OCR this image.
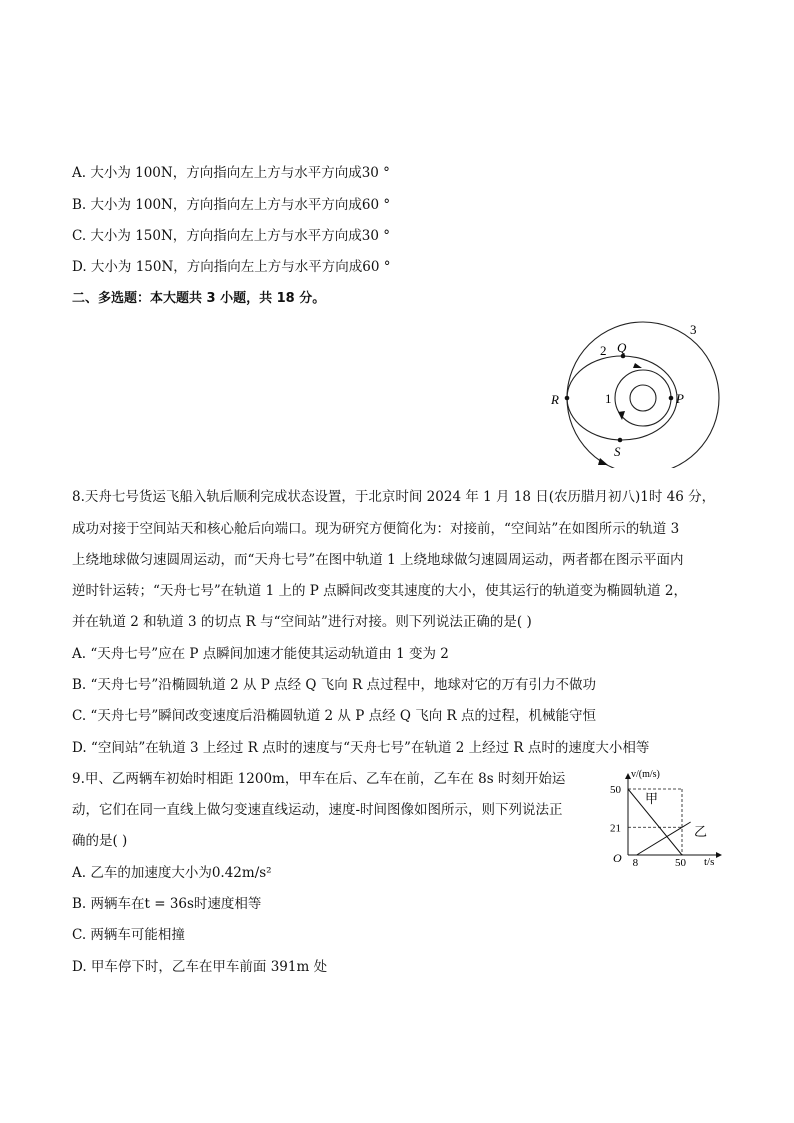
A. 大小为 100N，方向指向左上方与水平方向成30 °
B. 大小为 100N，方向指向左上方与水平方向成60 °
C. 大小为 150N，方向指向左上方与水平方向成30 °
D. 大小为 150N，方向指向左上方与水平方向成60 °
二、多选题：本大题共 3 小题，共 18 分。
3
2
1
Q
R	P
S
8.天舟七号货运飞船入轨后顺利完成状态设置，于北京时间 2024 年 1 月 18 日(农历腊月初八)1时 46 分，
成功对接于空间站天和核心舱后向端口。现为研究方便简化为：对接前，“空间站”在如图所示的轨道 3
上绕地球做匀速圆周运动，而“天舟七号”在图中轨道 1 上绕地球做匀速圆周运动，两者都在图示平面内
逆时针运转；“天舟七号”在轨道 1 上的 P 点瞬间改变其速度的大小，使其运行的轨道变为椭圆轨道 2，
并在轨道 2 和轨道 3 的切点 R 与“空间站”进行对接。则下列说法正确的是( )
A. “天舟七号”应在 P 点瞬间加速才能使其运动轨道由 1 变为 2
B. “天舟七号”沿椭圆轨道 2 从 P 点经 Q 飞向 R 点过程中，地球对它的万有引力不做功
C. “天舟七号”瞬间改变速度后沿椭圆轨道 2 从 P 点经 Q 飞向 R 点的过程，机械能守恒
D. “空间站”在轨道 3 上经过 R 点时的速度与“天舟七号”在轨道 2 上经过 R 点时的速度大小相等
9.甲、乙两辆车初始时相距 1200m，甲车在后、乙车在前，乙车在 8s 时刻开始运
动，它们在同一直线上做匀变速直线运动，速度-时间图像如图所示，则下列说法正
确的是( )
A. 乙车的加速度大小为0.42m/s²
B. 两辆车在t = 36s时速度相等
C. 两辆车可能相撞
D. 甲车停下时，乙车在甲车前面 391m 处
v/(m/s)
t/s
O
50
21
8	50
甲
乙
